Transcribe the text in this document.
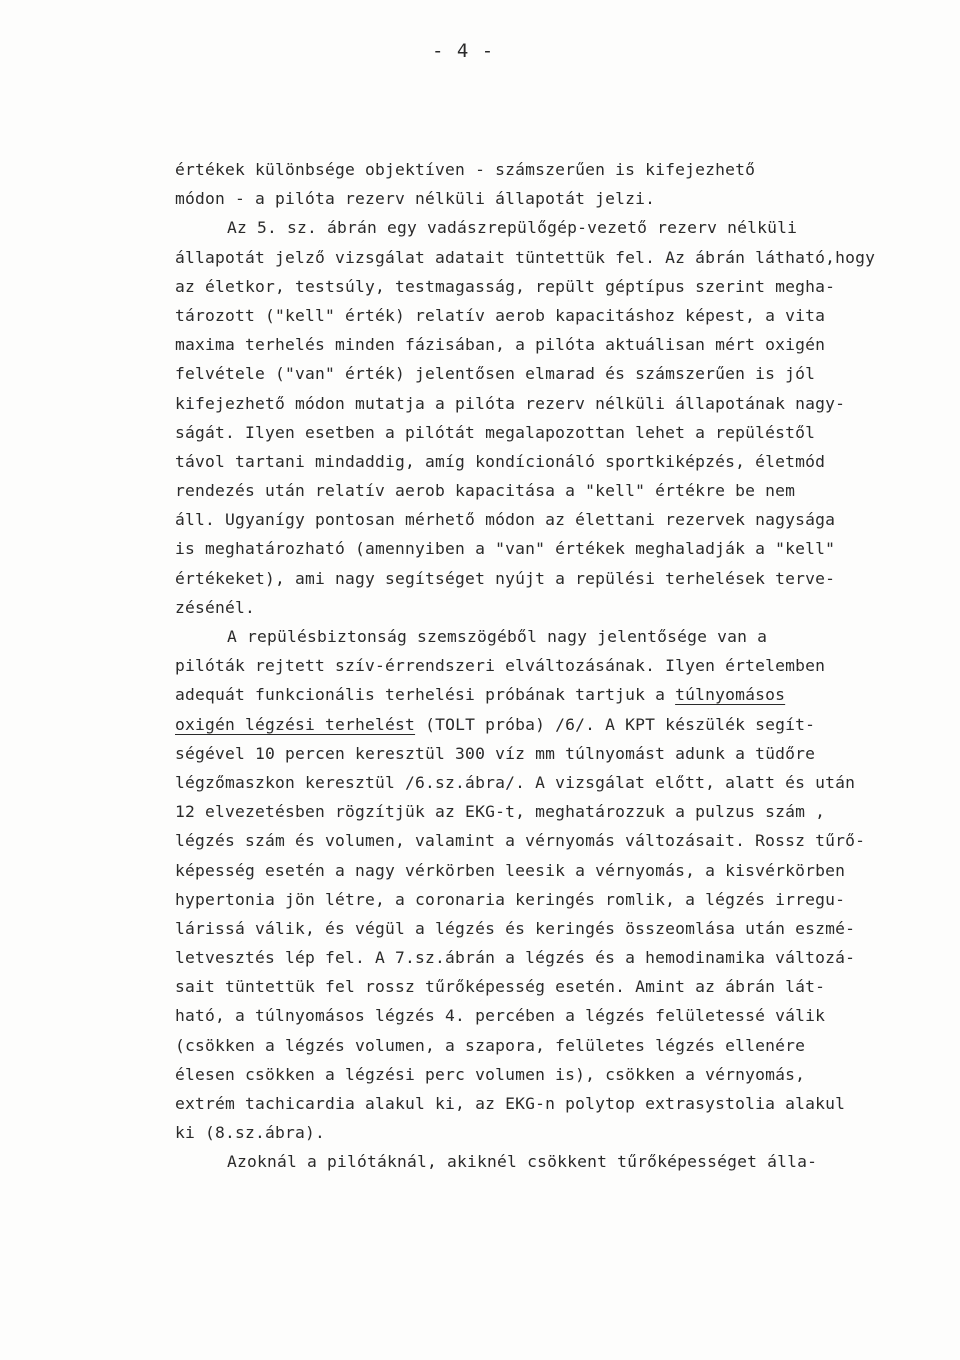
- 4 -
értékek különbsége objektíven - számszerűen is kifejezhető
módon - a pilóta rezerv nélküli állapotát jelzi.
Az 5. sz. ábrán egy vadászrepülőgép-vezető rezerv nélküli
állapotát jelző vizsgálat adatait tüntettük fel. Az ábrán látható,hogy
az életkor, testsúly, testmagasság, repült géptípus szerint megha-
tározott ("kell" érték) relatív aerob kapacitáshoz képest, a vita
maxima terhelés minden fázisában, a pilóta aktuálisan mért oxigén
felvétele ("van" érték) jelentősen elmarad és számszerűen is jól
kifejezhető módon mutatja a pilóta rezerv nélküli állapotának nagy-
ságát. Ilyen esetben a pilótát megalapozottan lehet a repüléstől
távol tartani mindaddig, amíg kondícionáló sportkiképzés, életmód
rendezés után relatív aerob kapacitása a "kell" értékre be nem
áll. Ugyanígy pontosan mérhető módon az élettani rezervek nagysága
is meghatározható (amennyiben a "van" értékek meghaladják a "kell"
értékeket), ami nagy segítséget nyújt a repülési terhelések terve-
zésénél.
A repülésbiztonság szemszögéből nagy jelentősége van a
pilóták rejtett szív-érrendszeri elváltozásának. Ilyen értelemben
adequát funkcionális terhelési próbának tartjuk a túlnyomásos
oxigén légzési terhelést (TOLT próba) /6/. A KPT készülék segít-
ségével 10 percen keresztül 300 víz mm túlnyomást adunk a tüdőre
légzőmaszkon keresztül /6.sz.ábra/. A vizsgálat előtt, alatt és után
12 elvezetésben rögzítjük az EKG-t, meghatározzuk a pulzus szám ,
légzés szám és volumen, valamint a vérnyomás változásait. Rossz tűrő-
képesség esetén a nagy vérkörben leesik a vérnyomás, a kisvérkörben
hypertonia jön létre, a coronaria keringés romlik, a légzés irregu-
lárissá válik, és végül a légzés és keringés összeomlása után eszmé-
letvesztés lép fel. A 7.sz.ábrán a légzés és a hemodinamika változá-
sait tüntettük fel rossz tűrőképesség esetén. Amint az ábrán lát-
ható, a túlnyomásos légzés 4. percében a légzés felületessé válik
(csökken a légzés volumen, a szapora, felületes légzés ellenére
élesen csökken a légzési perc volumen is), csökken a vérnyomás,
extrém tachicardia alakul ki, az EKG-n polytop extrasystolia alakul
ki (8.sz.ábra).
Azoknál a pilótáknál, akiknél csökkent tűrőképességet álla-
